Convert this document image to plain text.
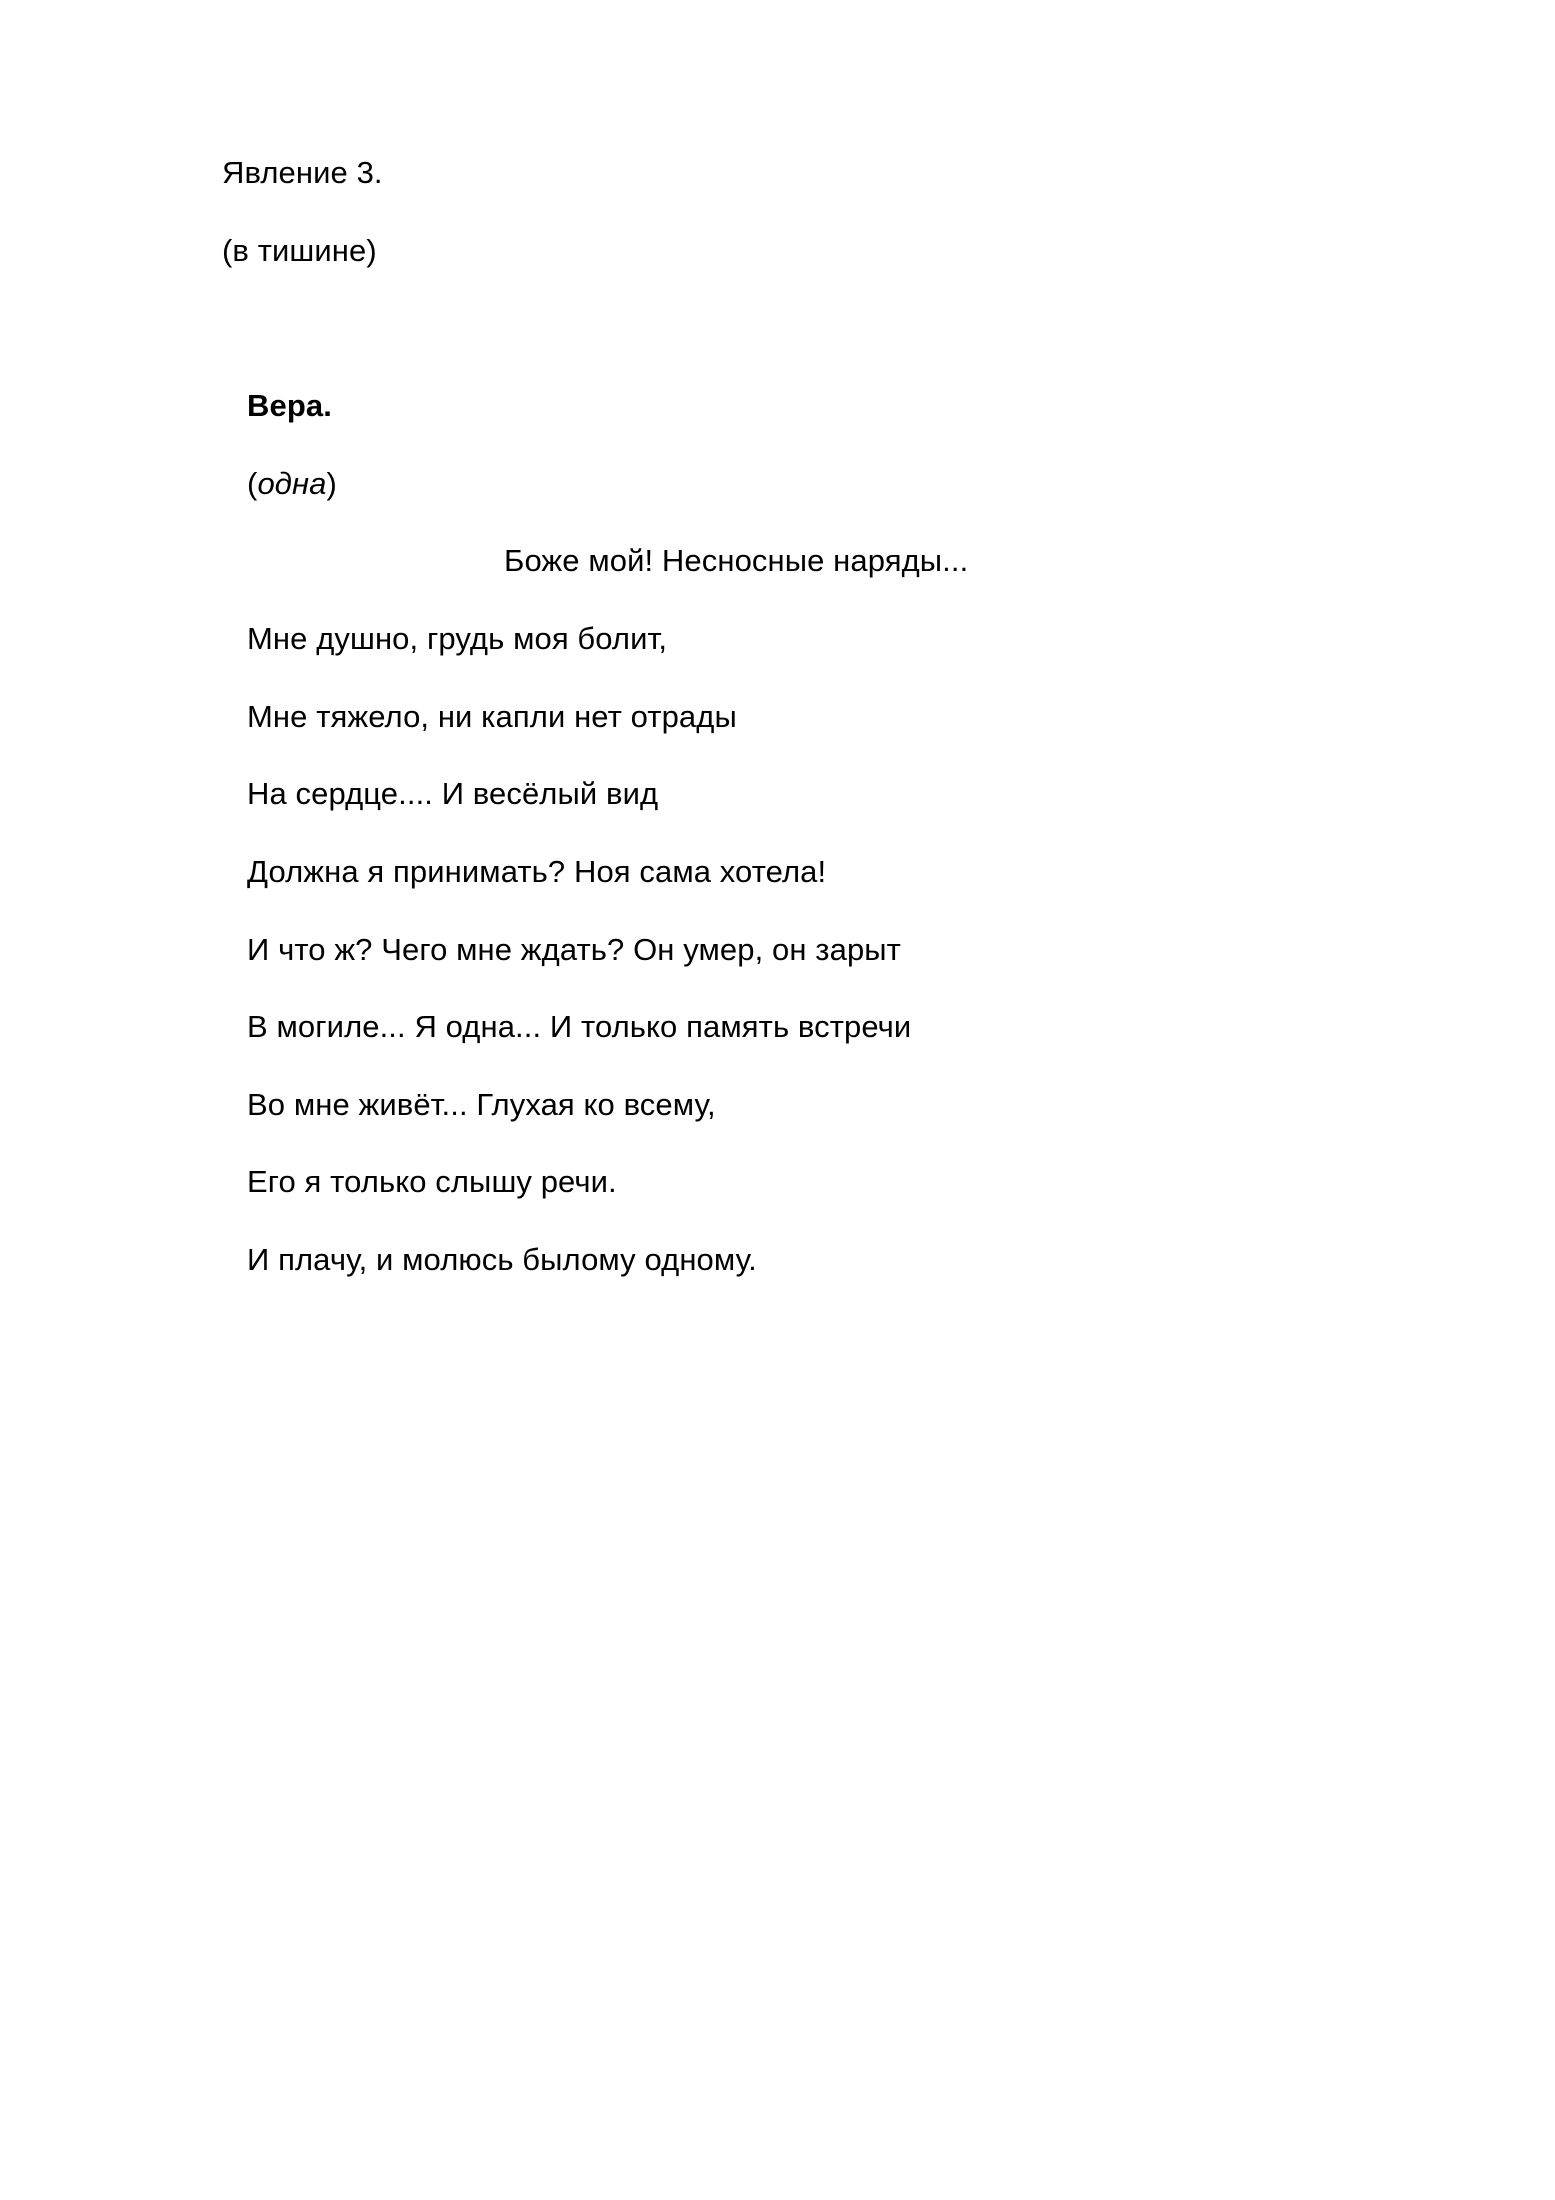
Явление 3.
(в тишине)
Вера.
(одна)
Боже мой! Несносные наряды...
Мне душно, грудь моя болит,
Мне тяжело, ни капли нет отрады
На сердце.... И весёлый вид
Должна я принимать? Ноя сама хотела!
И что ж? Чего мне ждать? Он умер, он зарыт
В могиле... Я одна... И только память встречи
Во мне живёт... Глухая ко всему,
Его я только слышу речи.
И плачу, и молюсь былому одному.
